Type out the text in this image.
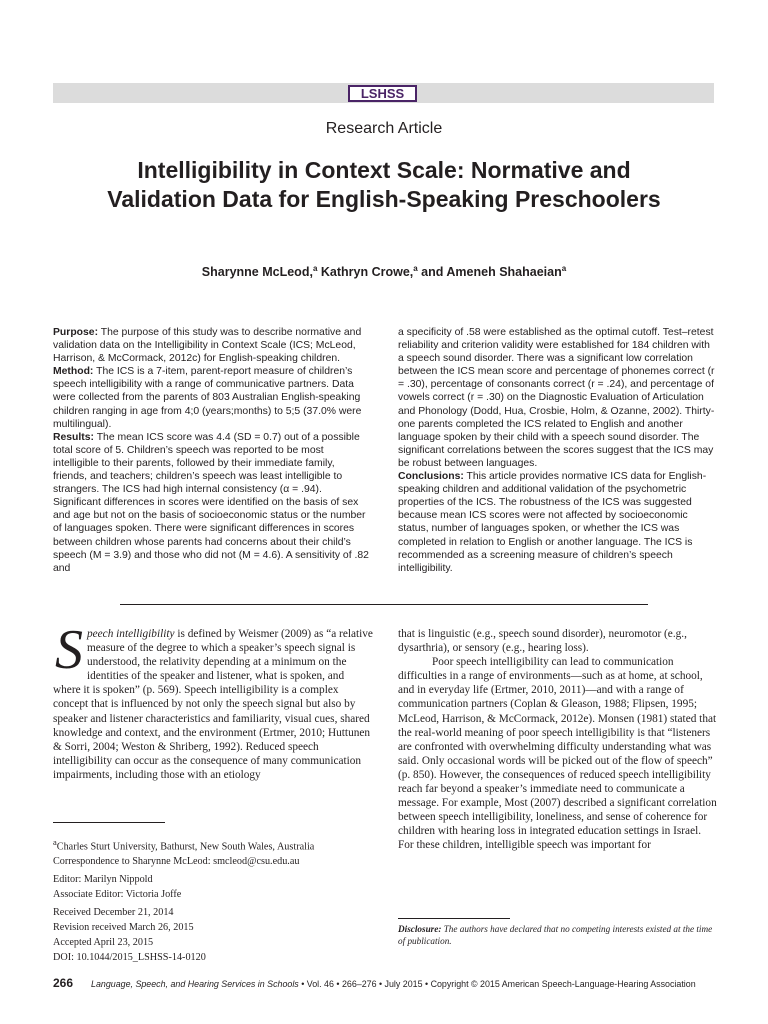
LSHSS
Research Article
Intelligibility in Context Scale: Normative and Validation Data for English-Speaking Preschoolers
Sharynne McLeod,$^a$ Kathryn Crowe,$^a$ and Ameneh Shahaeian$^a$

Purpose: The purpose of this study was to describe normative and validation data on the Intelligibility in Context Scale (ICS; McLeod, Harrison, & McCormack, 2012c) for English-speaking children.

Method: The ICS is a 7-item, parent-report measure of children’s speech intelligibility with a range of communicative partners. Data were collected from the parents of 803 Australian English-speaking children ranging in age from 4;0 (years;months) to 5;5 (37.0% were multilingual).

Results: The mean ICS score was 4.4 (SD = 0.7) out of a possible total score of 5. Children’s speech was reported to be most intelligible to their parents, followed by their immediate family, friends, and teachers; children’s speech was least intelligible to strangers. The ICS had high internal consistency (α = .94). Significant differences in scores were identified on the basis of sex and age but not on the basis of socioeconomic status or the number of languages spoken. There were significant differences in scores between children whose parents had concerns about their child’s speech (M = 3.9) and those who did not (M = 4.6). A sensitivity of .82 and

a specificity of .58 were established as the optimal cutoff. Test–retest reliability and criterion validity were established for 184 children with a speech sound disorder. There was a significant low correlation between the ICS mean score and percentage of phonemes correct (r = .30), percentage of consonants correct (r = .24), and percentage of vowels correct (r = .30) on the Diagnostic Evaluation of Articulation and Phonology (Dodd, Hua, Crosbie, Holm, & Ozanne, 2002). Thirty-one parents completed the ICS related to English and another language spoken by their child with a speech sound disorder. The significant correlations between the scores suggest that the ICS may be robust between languages.

Conclusions: This article provides normative ICS data for English-speaking children and additional validation of the psychometric properties of the ICS. The robustness of the ICS was suggested because mean ICS scores were not affected by socioeconomic status, number of languages spoken, or whether the ICS was completed in relation to English or another language. The ICS is recommended as a screening measure of children’s speech intelligibility.

Speech intelligibility is defined by Weismer (2009) as “a relative measure of the degree to which a speaker’s speech signal is understood, the relativity depending at a minimum on the identities of the speaker and listener, what is spoken, and where it is spoken” (p. 569). Speech intelligibility is a complex concept that is influenced by not only the speech signal but also by speaker and listener characteristics and familiarity, visual cues, shared knowledge and context, and the environment (Ertmer, 2010; Huttunen & Sorri, 2004; Weston & Shriberg, 1992). Reduced speech intelligibility can occur as the consequence of many communication impairments, including those with an etiology

$^a$Charles Sturt University, Bathurst, New South Wales, Australia

Correspondence to Sharynne McLeod: smcleod@csu.edu.au

Editor: Marilyn Nippold

Associate Editor: Victoria Joffe

Received December 21, 2014

Revision received March 26, 2015

Accepted April 23, 2015

DOI: 10.1044/2015_LSHSS-14-0120

that is linguistic (e.g., speech sound disorder), neuromotor (e.g., dysarthria), or sensory (e.g., hearing loss).

Poor speech intelligibility can lead to communication difficulties in a range of environments—such as at home, at school, and in everyday life (Ertmer, 2010, 2011)—and with a range of communication partners (Coplan & Gleason, 1988; Flipsen, 1995; McLeod, Harrison, & McCormack, 2012e). Monsen (1981) stated that the real-world meaning of poor speech intelligibility is that “listeners are confronted with overwhelming difficulty understanding what was said. Only occasional words will be picked out of the flow of speech” (p. 850). However, the consequences of reduced speech intelligibility reach far beyond a speaker’s immediate need to communicate a message. For example, Most (2007) described a significant correlation between speech intelligibility, loneliness, and sense of coherence for children with hearing loss in integrated education settings in Israel. For these children, intelligible speech was important for

Disclosure: The authors have declared that no competing interests existed at the time of publication.
266 Language, Speech, and Hearing Services in Schools • Vol. 46 • 266–276 • July 2015 • Copyright © 2015 American Speech-Language-Hearing Association
